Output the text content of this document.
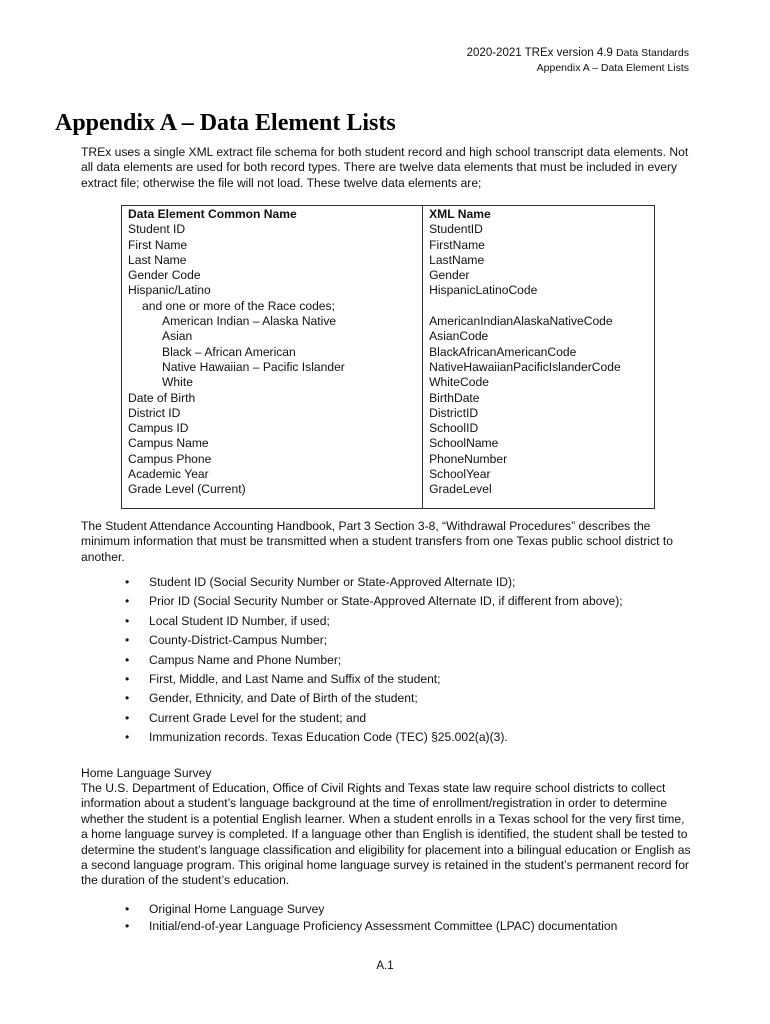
2020-2021 TREx version 4.9 Data Standards
Appendix A – Data Element Lists
Appendix A – Data Element Lists

TREx uses a single XML extract file schema for both student record and high school transcript data elements. Not all data elements are used for both record types. There are twelve data elements that must be included in every extract file; otherwise the file will not load. These twelve data elements are;

Data Element Common Name	XML Name
Student ID	StudentID
First Name	FirstName
Last Name	LastName
Gender Code	Gender
Hispanic/Latino	HispanicLatinoCode
and one or more of the Race codes;	
American Indian – Alaska Native	AmericanIndianAlaskaNativeCode
Asian	AsianCode
Black – African American	BlackAfricanAmericanCode
Native Hawaiian – Pacific Islander	NativeHawaiianPacificIslanderCode
White	WhiteCode
Date of Birth	BirthDate
District ID	DistrictID
Campus ID	SchoolID
Campus Name	SchoolName
Campus Phone	PhoneNumber
Academic Year	SchoolYear
Grade Level (Current)	GradeLevel

The Student Attendance Accounting Handbook, Part 3 Section 3-8, “Withdrawal Procedures” describes the minimum information that must be transmitted when a student transfers from one Texas public school district to another.

• Student ID (Social Security Number or State-Approved Alternate ID);
• Prior ID (Social Security Number or State-Approved Alternate ID, if different from above);
• Local Student ID Number, if used;
• County-District-Campus Number;
• Campus Name and Phone Number;
• First, Middle, and Last Name and Suffix of the student;
• Gender, Ethnicity, and Date of Birth of the student;
• Current Grade Level for the student; and
• Immunization records. Texas Education Code (TEC) §25.002(a)(3).

Home Language Survey

The U.S. Department of Education, Office of Civil Rights and Texas state law require school districts to collect information about a student’s language background at the time of enrollment/registration in order to determine whether the student is a potential English learner. When a student enrolls in a Texas school for the very first time, a home language survey is completed. If a language other than English is identified, the student shall be tested to determine the student’s language classification and eligibility for placement into a bilingual education or English as a second language program. This original home language survey is retained in the student’s permanent record for the duration of the student’s education.

• Original Home Language Survey
• Initial/end-of-year Language Proficiency Assessment Committee (LPAC) documentation
A.1
